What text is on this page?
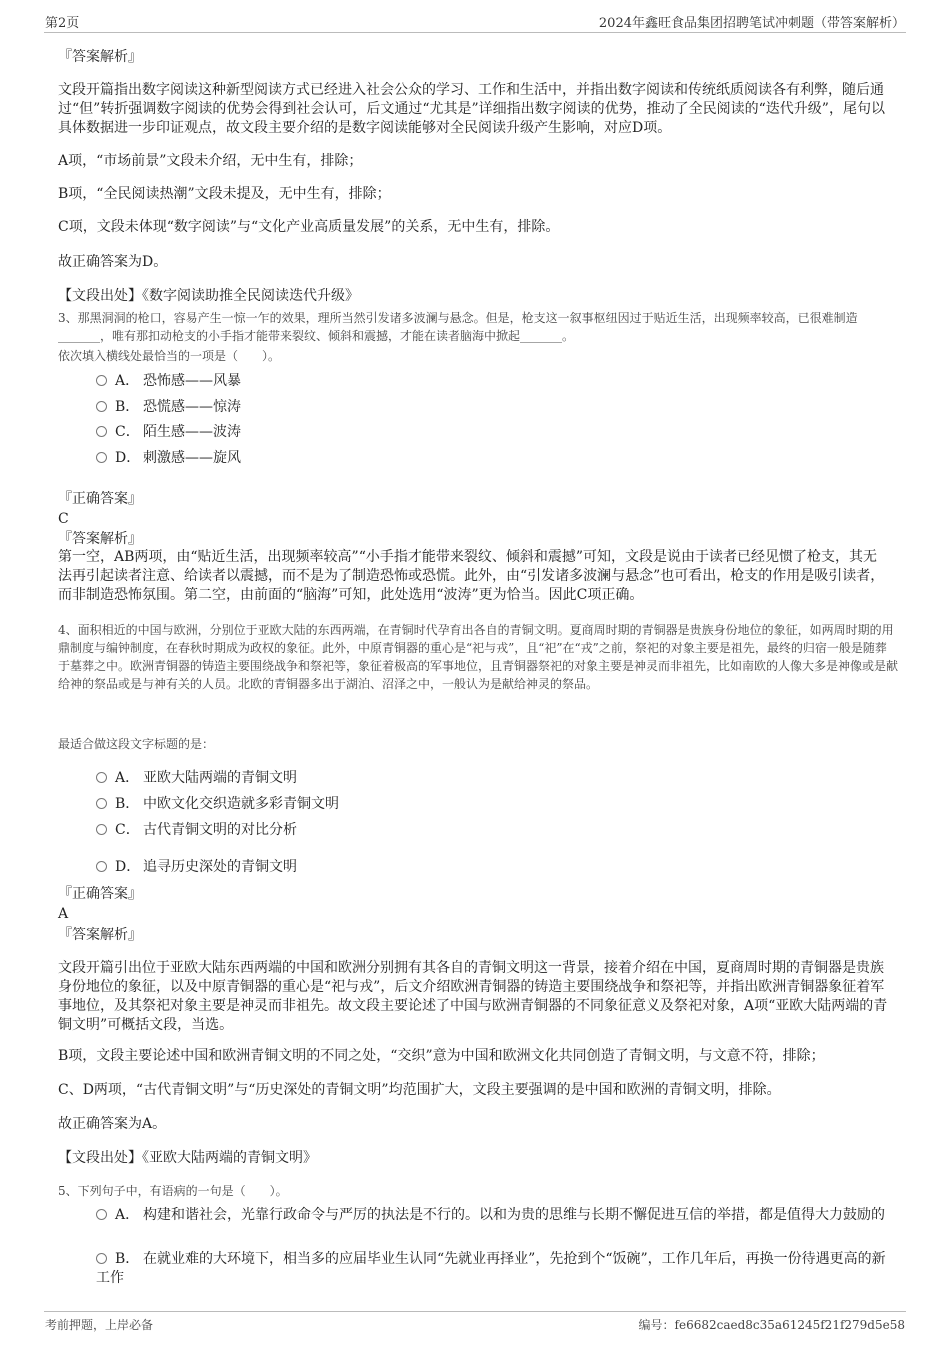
第2页	2024年鑫旺食品集团招聘笔试冲刺题（带答案解析）
『答案解析』
文段开篇指出数字阅读这种新型阅读方式已经进入社会公众的学习、工作和生活中，并指出数字阅读和传统纸质阅读各有利弊，随后通过“但”转折强调数字阅读的优势会得到社会认可，后文通过“尤其是”详细指出数字阅读的优势，推动了全民阅读的“迭代升级”，尾句以具体数据进一步印证观点，故文段主要介绍的是数字阅读能够对全民阅读升级产生影响，对应D项。
A项，“市场前景”文段未介绍，无中生有，排除；
B项，“全民阅读热潮”文段未提及，无中生有，排除；
C项，文段未体现“数字阅读”与“文化产业高质量发展”的关系，无中生有，排除。
故正确答案为D。
【文段出处】《数字阅读助推全民阅读迭代升级》
3、那黑洞洞的枪口，容易产生一惊一乍的效果，理所当然引发诸多波澜与悬念。但是，枪支这一叙事枢纽因过于贴近生活，出现频率较高，已很难制造_______，唯有那扣动枪支的小手指才能带来裂纹、倾斜和震撼，才能在读者脑海中掀起_______。
依次填入横线处最恰当的一项是（　　）。
A． 恐怖感——风暴
B． 恐慌感——惊涛
C． 陌生感——波涛
D． 刺激感——旋风
『正确答案』
C
『答案解析』
第一空，AB两项，由“贴近生活，出现频率较高”“小手指才能带来裂纹、倾斜和震撼”可知，文段是说由于读者已经见惯了枪支，其无法再引起读者注意、给读者以震撼，而不是为了制造恐怖或恐慌。此外，由“引发诸多波澜与悬念”也可看出，枪支的作用是吸引读者，而非制造恐怖氛围。第二空，由前面的“脑海”可知，此处选用“波涛”更为恰当。因此C项正确。
4、面积相近的中国与欧洲，分别位于亚欧大陆的东西两端，在青铜时代孕育出各自的青铜文明。夏商周时期的青铜器是贵族身份地位的象征，如两周时期的用鼎制度与编钟制度，在春秋时期成为政权的象征。此外，中原青铜器的重心是“祀与戎”，且“祀”在“戎”之前，祭祀的对象主要是祖先，最终的归宿一般是随葬于墓葬之中。欧洲青铜器的铸造主要围绕战争和祭祀等，象征着极高的军事地位，且青铜器祭祀的对象主要是神灵而非祖先，比如南欧的人像大多是神像或是献给神的祭品或是与神有关的人员。北欧的青铜器多出于湖泊、沼泽之中，一般认为是献给神灵的祭品。
最适合做这段文字标题的是：
A． 亚欧大陆两端的青铜文明
B． 中欧文化交织造就多彩青铜文明
C． 古代青铜文明的对比分析
D． 追寻历史深处的青铜文明
『正确答案』
A
『答案解析』
文段开篇引出位于亚欧大陆东西两端的中国和欧洲分别拥有其各自的青铜文明这一背景，接着介绍在中国，夏商周时期的青铜器是贵族身份地位的象征，以及中原青铜器的重心是“祀与戎”，后文介绍欧洲青铜器的铸造主要围绕战争和祭祀等，并指出欧洲青铜器象征着军事地位，及其祭祀对象主要是神灵而非祖先。故文段主要论述了中国与欧洲青铜器的不同象征意义及祭祀对象，A项“亚欧大陆两端的青铜文明”可概括文段，当选。
B项，文段主要论述中国和欧洲青铜文明的不同之处，“交织”意为中国和欧洲文化共同创造了青铜文明，与文意不符，排除；
C、D两项，“古代青铜文明”与“历史深处的青铜文明”均范围扩大，文段主要强调的是中国和欧洲的青铜文明，排除。
故正确答案为A。
【文段出处】《亚欧大陆两端的青铜文明》
5、下列句子中，有语病的一句是（　　）。
A． 构建和谐社会，光靠行政命令与严厉的执法是不行的。以和为贵的思维与长期不懈促进互信的举措，都是值得大力鼓励的
B． 在就业难的大环境下，相当多的应届毕业生认同“先就业再择业”，先抢到个“饭碗”，工作几年后，再换一份待遇更高的新工作
考前押题，上岸必备	编号：fe6682caed8c35a61245f21f279d5e58
